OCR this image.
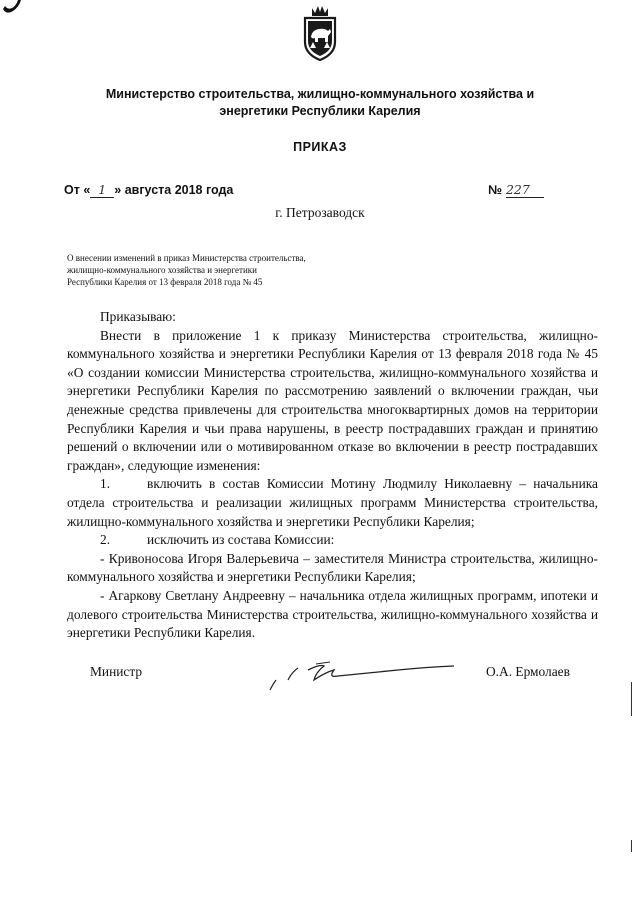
Министерство строительства, жилищно-коммунального хозяйства и
энергетики Республики Карелия
ПРИКАЗ
От « 1 » августа 2018 года	№ 227
г. Петрозаводск
О внесении изменений в приказ Министерства строительства,
жилищно-коммунального хозяйства и энергетики
Республики Карелия от 13 февраля 2018 года № 45
Приказываю:
Внести в приложение 1 к приказу Министерства строительства, жилищно-коммунального хозяйства и энергетики Республики Карелия от 13 февраля 2018 года № 45 «О создании комиссии Министерства строительства, жилищно-коммунального хозяйства и энергетики Республики Карелия по рассмотрению заявлений о включении граждан, чьи денежные средства привлечены для строительства многоквартирных домов на территории Республики Карелия и чьи права нарушены, в реестр пострадавших граждан и принятию решений о включении или о мотивированном отказе во включении в реестр пострадавших граждан», следующие изменения:
1.	включить в состав Комиссии Мотину Людмилу Николаевну – начальника отдела строительства и реализации жилищных программ Министерства строительства, жилищно-коммунального хозяйства и энергетики Республики Карелия;
2.	исключить из состава Комиссии:
- Кривоносова Игоря Валерьевича – заместителя Министра строительства, жилищно-коммунального хозяйства и энергетики Республики Карелия;
- Агаркову Светлану Андреевну – начальника отдела жилищных программ, ипотеки и долевого строительства Министерства строительства, жилищно-коммунального хозяйства и энергетики Республики Карелия.
Министр	О.А. Ермолаев
